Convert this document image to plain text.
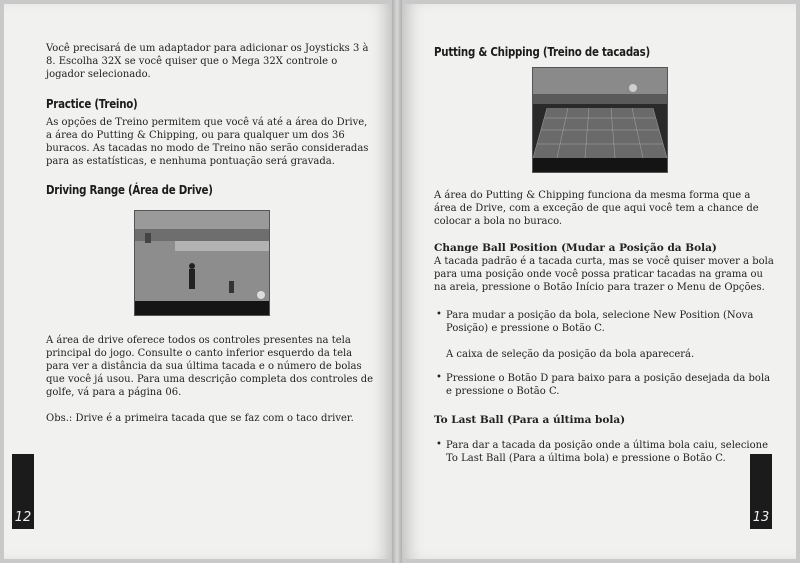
Você precisará de um adaptador para adicionar os Joysticks 3 à 8. Escolha 32X se você quiser que o Mega 32X controle o jogador selecionado.

Practice (Treino)

As opções de Treino permitem que você vá até a área do Drive, a área do Putting & Chipping, ou para qualquer um dos 36 buracos. As tacadas no modo de Treino não serão consideradas para as estatísticas, e nenhuma pontuação será gravada.

Driving Range (Área de Drive)

A área de drive oferece todos os controles presentes na tela principal do jogo. Consulte o canto inferior esquerdo da tela para ver a distância da sua última tacada e o número de bolas que você já usou. Para uma descrição completa dos controles de golfe, vá para a página 06.

Obs.: Drive é a primeira tacada que se faz com o taco driver.

12
Putting & Chipping (Treino de tacadas)

A área do Putting & Chipping funciona da mesma forma que a área de Drive, com a exceção de que aqui você tem a chance de colocar a bola no buraco.

Change Ball Position (Mudar a Posição da Bola)

A tacada padrão é a tacada curta, mas se você quiser mover a bola para uma posição onde você possa praticar tacadas na grama ou na areia, pressione o Botão Início para trazer o Menu de Opções.

• Para mudar a posição da bola, selecione New Position (Nova Posição) e pressione o Botão C.

A caixa de seleção da posição da bola aparecerá.

• Pressione o Botão D para baixo para a posição desejada da bola e pressione o Botão C.

To Last Ball (Para a última bola)
• Para dar a tacada da posição onde a última bola caiu, selecione To Last Ball (Para a última bola) e pressione o Botão C.

13
